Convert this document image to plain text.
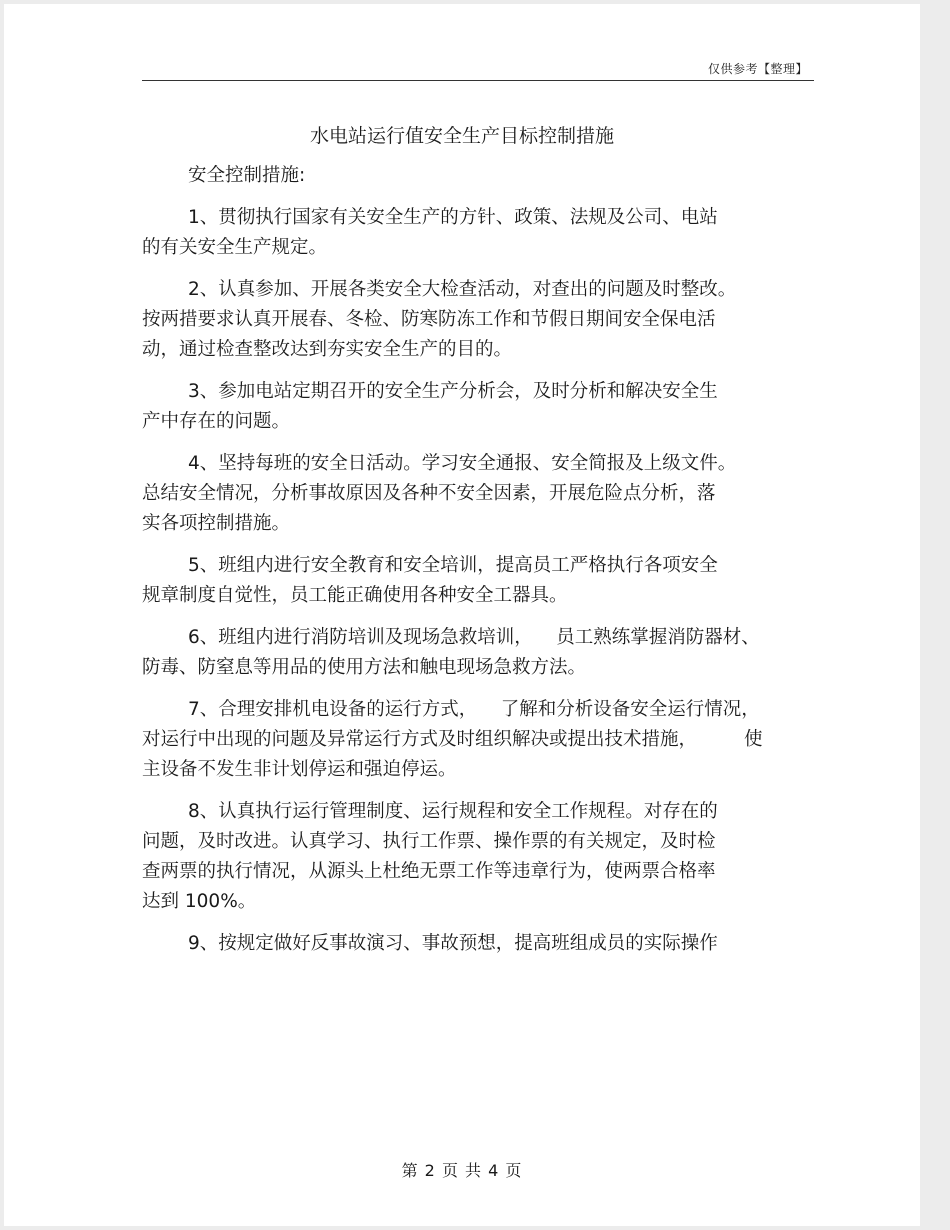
仅供参考【整理】
水电站运行值安全生产目标控制措施

安全控制措施:

1、贯彻执行国家有关安全生产的方针、政策、法规及公司、电站
的有关安全生产规定。

2、认真参加、开展各类安全大检查活动，对查出的问题及时整改。
按两措要求认真开展春、冬检、防寒防冻工作和节假日期间安全保电活
动，通过检查整改达到夯实安全生产的目的。

3、参加电站定期召开的安全生产分析会，及时分析和解决安全生
产中存在的问题。

4、坚持每班的安全日活动。学习安全通报、安全简报及上级文件。
总结安全情况，分析事故原因及各种不安全因素，开展危险点分析，落
实各项控制措施。

5、班组内进行安全教育和安全培训，提高员工严格执行各项安全
规章制度自觉性，员工能正确使用各种安全工器具。

6、班组内进行消防培训及现场急救培训，    员工熟练掌握消防器材、
防毒、防窒息等用品的使用方法和触电现场急救方法。

7、合理安排机电设备的运行方式，    了解和分析设备安全运行情况，
对运行中出现的问题及异常运行方式及时组织解决或提出技术措施，        使
主设备不发生非计划停运和强迫停运。

8、认真执行运行管理制度、运行规程和安全工作规程。对存在的
问题，及时改进。认真学习、执行工作票、操作票的有关规定，及时检
查两票的执行情况，从源头上杜绝无票工作等违章行为，使两票合格率
达到 100%。

9、按规定做好反事故演习、事故预想，提高班组成员的实际操作

第 2 页 共 4 页
